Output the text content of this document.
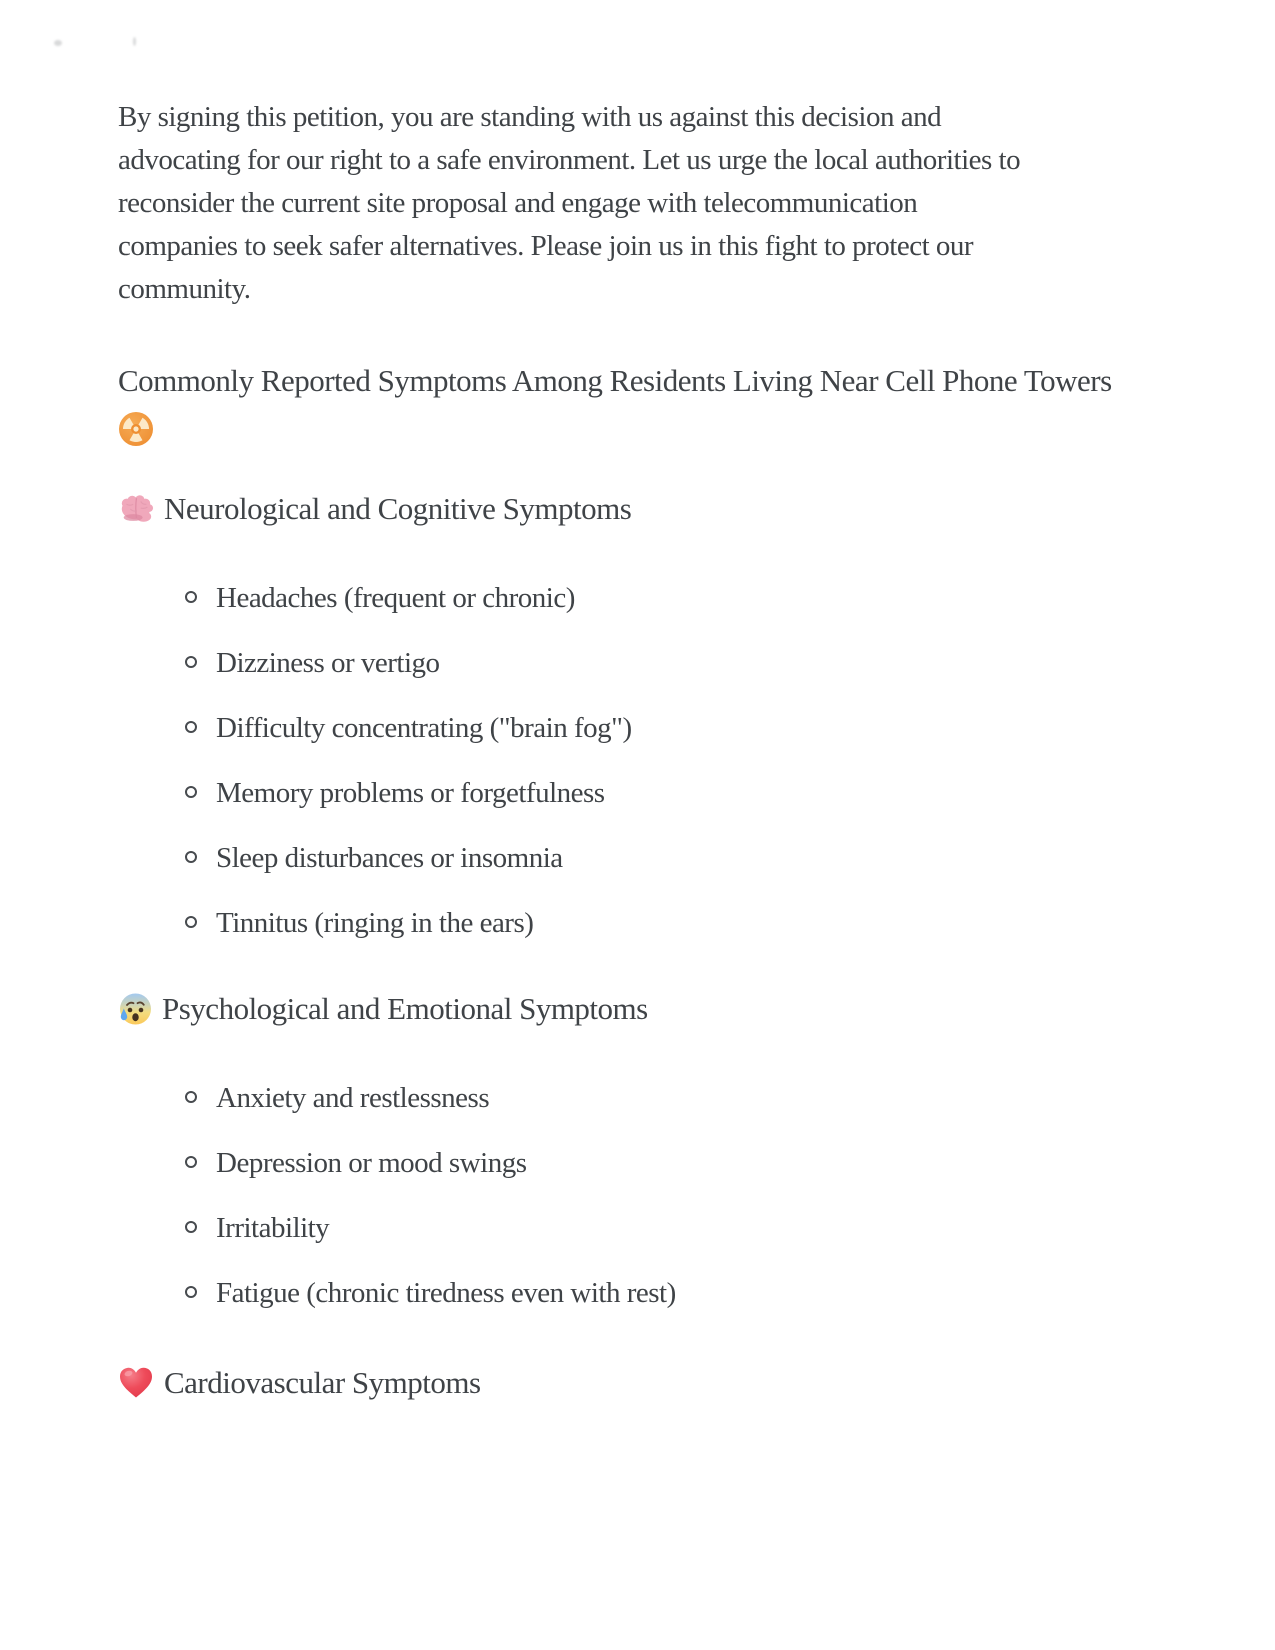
By signing this petition, you are standing with us against this decision and
advocating for our right to a safe environment. Let us urge the local authorities to
reconsider the current site proposal and engage with telecommunication
companies to seek safer alternatives. Please join us in this fight to protect our
community.
Commonly Reported Symptoms Among Residents Living Near Cell Phone Towers
Neurological and Cognitive Symptoms
Headaches (frequent or chronic)
Dizziness or vertigo
Difficulty concentrating ("brain fog")
Memory problems or forgetfulness
Sleep disturbances or insomnia
Tinnitus (ringing in the ears)
Psychological and Emotional Symptoms
Anxiety and restlessness
Depression or mood swings
Irritability
Fatigue (chronic tiredness even with rest)
Cardiovascular Symptoms
